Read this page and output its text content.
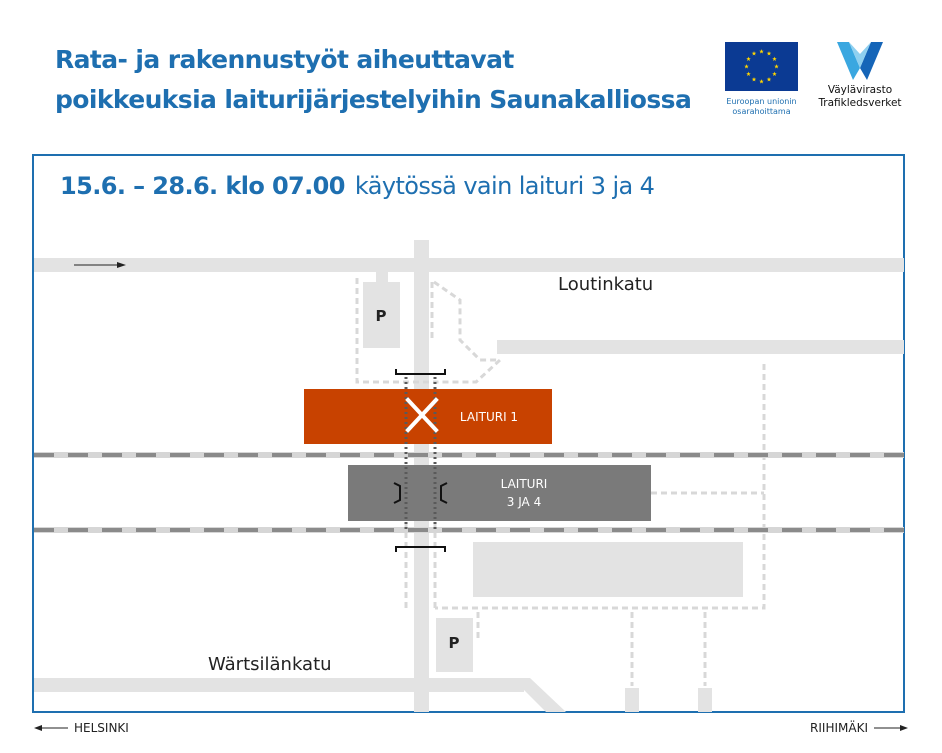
Rata- ja rakennustyöt aiheuttavat
poikkeuksia laiturijärjestelyihin Saunakalliossa	Euroopan unionin
osarahoittama
Väylävirasto
Trafikledsverket
15.6. – 28.6. klo 07.00 käytössä vain laituri 3 ja 4
P
P
LAITURI 1
LAITURI
3 JA 4
Loutinkatu
Wärtsilänkatu
HELSINKI	RIIHIMÄKI
